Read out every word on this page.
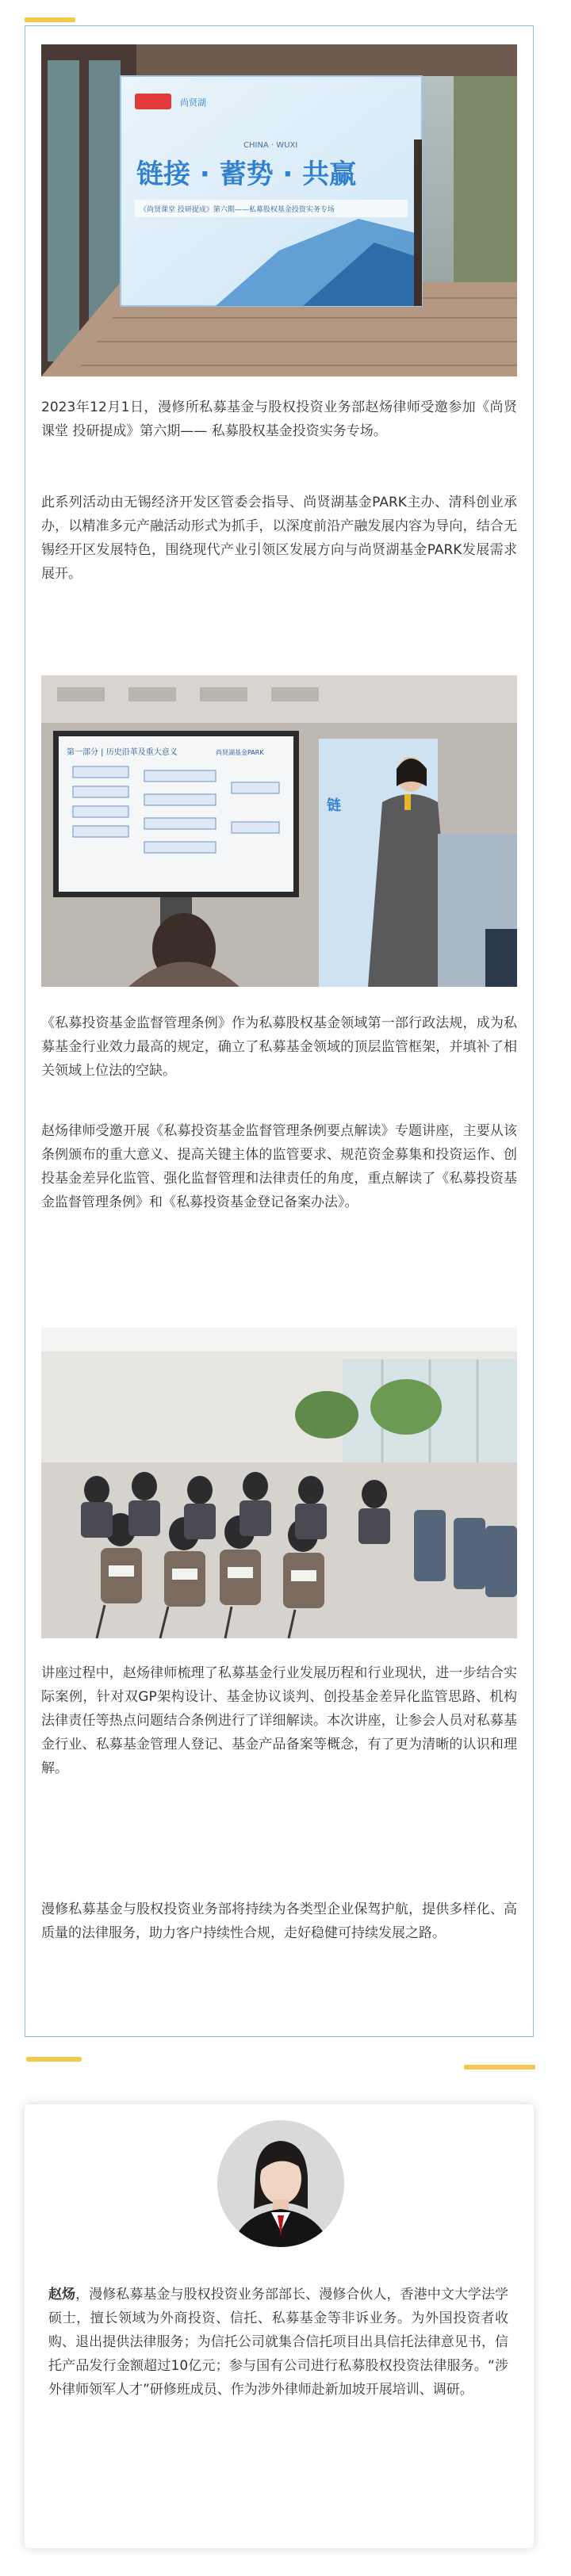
尚贤湖
CHINA · WUXI
链接 · 蓄势 · 共赢
《尚贤课堂 投研提成》第六期——私募股权基金投资实务专场

2023年12月1日，漫修所私募基金与股权投资业务部赵炀律师受邀参加《尚贤课堂 投研提成》第六期—— 私募股权基金投资实务专场。

此系列活动由无锡经济开发区管委会指导、尚贤湖基金PARK主办、清科创业承办，以精准多元产融活动形式为抓手，以深度前沿产融发展内容为导向，结合无锡经开区发展特色，围绕现代产业引领区发展方向与尚贤湖基金PARK发展需求展开。

第一部分 | 历史沿革及重大意义	尚贤湖基金PARK
链

《私募投资基金监督管理条例》作为私募股权基金领域第一部行政法规，成为私募基金行业效力最高的规定，确立了私募基金领域的顶层监管框架，并填补了相关领域上位法的空缺。

赵炀律师受邀开展《私募投资基金监督管理条例要点解读》专题讲座，主要从该条例颁布的重大意义、提高关键主体的监管要求、规范资金募集和投资运作、创投基金差异化监管、强化监督管理和法律责任的角度，重点解读了《私募投资基金监督管理条例》和《私募投资基金登记备案办法》。

讲座过程中，赵炀律师梳理了私募基金行业发展历程和行业现状，进一步结合实际案例，针对双GP架构设计、基金协议谈判、创投基金差异化监管思路、机构法律责任等热点问题结合条例进行了详细解读。本次讲座，让参会人员对私募基金行业、私募基金管理人登记、基金产品备案等概念，有了更为清晰的认识和理解。

漫修私募基金与股权投资业务部将持续为各类型企业保驾护航，提供多样化、高质量的法律服务，助力客户持续性合规，走好稳健可持续发展之路。

赵炀，漫修私募基金与股权投资业务部部长、漫修合伙人，香港中文大学法学硕士，擅长领域为外商投资、信托、私募基金等非诉业务。为外国投资者收购、退出提供法律服务；为信托公司就集合信托项目出具信托法律意见书，信托产品发行金额超过10亿元；参与国有公司进行私募股权投资法律服务。“涉外律师领军人才”研修班成员、作为涉外律师赴新加坡开展培训、调研。
